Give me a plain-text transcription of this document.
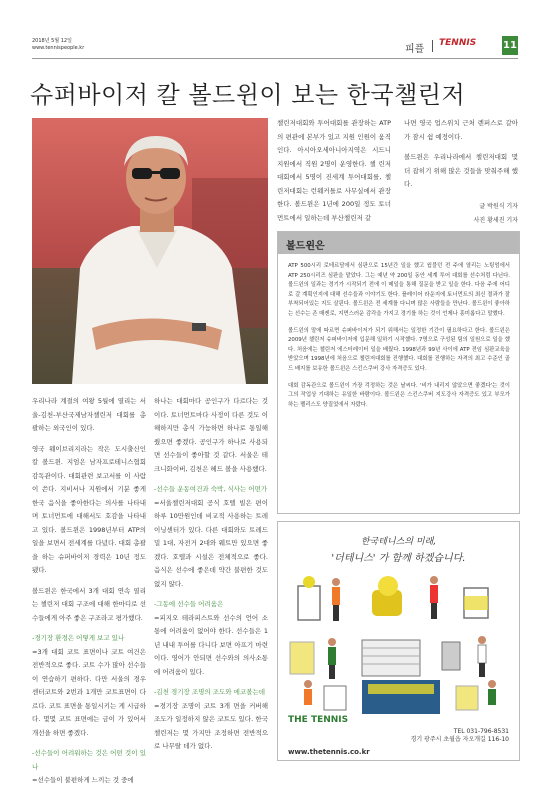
2018년 5월 12일
www.tennispeople.kr	피플
TENNIS	11
슈퍼바이저 칼 볼드윈이 보는 한국챌린저

우리나라 계절의 여왕 5월에 열리는 서울-김천-부산국제남자챌린저 대회를 총괄하는 외국인이 있다.

영국 웨이브리지라는 작은 도시출신인 칼 볼드윈. 지엄은 남자프로테니스협회 감독관이다. 대회관련 보고서를 이 사람이 쓴다. 지비서나 지원에서 기분 좋게 한국 음식을 좋아한다는 의사를 나타내며 토너먼트에 대해서도 호감을 나타내고 있다. 볼드윈은 1998년부터 ATP의 일을 보면서 전세계를 다녔다. 대회 총괄을 하는 슈퍼바이저 경력은 10년 정도 됐다.

볼드윈은 한국에서 3개 대회 연속 열리는 챌린저 대회 구조에 대해 한마디로 선수들에게 아주 좋은 구조라고 평가했다.

-경기장 환경은 어떻게 보고 있나

=3개 대회 코트 표면이나 코트 여건은 전반적으로 좋다. 코트 수가 많아 선수들이 연습하기 편하다. 다만 서울의 경우 센터코트와 2번과 1개만 코트표면이 다르다. 코트 표면을 통일시키는 게 시급하다. 몇몇 코트 표면에는 금이 가 있어서 개선을 하면 좋겠다.

-선수들이 어려워하는 것은 어떤 것이 있나

=선수들이 불편하게 느끼는 것 중에

하나는 대회마다 공인구가 다르다는 것이다. 토너먼트마다 사정이 다른 것도 이해하지만 총식 가능하면 하나로 통일해줬으면 좋겠다. 공인구가 하나로 사용되면 선수들이 좋아할 것 같다. 서울은 테크니화이버, 김천은 헤드 볼을 사용했다.

-선수들 운동여건과 숙박, 식사는 어떤가

=서울챌린저대회 공식 호텔 빌은 편이 하루 10만원인데 비교적 사용하는 트레이닝센터가 있다. 다른 대회와도 트레드 밀 1대, 자전거 2대와 웨트만 있으면 좋겠다. 호텔과 시설은 전체적으로 좋다. 음식은 선수에 좋은데 약간 불편한 것도 없지 않다.

-그동에 선수들 어려움은

=피지오 테라피스트와 선수의 언어 소통에 어려움이 없어야 한다. 선수들은 1년 내내 투어를 다니다 보면 아프기 마련이다. 영어가 안되면 선수와의 의사소통에 어려움이 있다.

-김천 경기장 조명의 조도와 에코볼는데

=경기장 조명이 코트 3개 면을 커버해 조도가 일정하지 않은 코트도 있다. 한국챌린저는 몇 가지만 조정하면 전반적으로 나무랄 데가 없다.

챌린저대회와 투어대회를 관장하는 ATP의 편관에 본부가 있고 지원 인원이 움직인다. 아시아오세아니아지역은 시드니 지원에서 직원 2명이 운영한다. 챌 린저대회에서 5명이 진세계 투어대회를, 챌린저대회는 런웨커틀로 사무실에서 관장한다. 볼드윈은 1년에 200일 정도 토너먼트에서 일하는데 부산챌린저 같

나면 영국 업스위치 근처 렌퍼스로 갈아가 잠시 쉼 예정이다.

볼드윈은 우리나라에서 챌린저대회 몇 더 잡히기 위해 많은 것들을 맞춰주해 했다.

글 박원식 기자
사진 황세진 기자
볼드윈은

ATP 500시리 로테르담에서 심판으로 15년간 일을 했고 윔블던 전 주에 열리는 노팅엄에서 ATP 250시리즈 심판을 맡았다. 그는 예년 약 200일 동안 세계 투어 대회를 선수처럼 다닌다. 볼드윈의 일과는 경기가 시작되기 전에 이 메일을 통해 질문을 받고 일을 한다. 다음 주에 어디로 갈 계획인지에 대해 선수들과 이야기도 한다. 플레이어 라운지에 토너먼트의 최신 결과가 잘 부착되어있는 지도 살핀다. 볼드윈은 전 세계를 다니며 많은 사람들을 만난다. 볼드윈이 좋아하는 선수는 존 매켄로, 지면스러운 감각을 가지고 경기를 하는 것이 언제나 흥미롭다고 말했다.

볼드윈의 말에 따르면 슈퍼바이저가 되기 위해서는 일정한 기간이 필요하다고 한다. 볼드윈은 2009년 챌린저 슈퍼바이저에 입문해 일하기 시작했다. 7명으로 구성된 팀의 일원으로 일을 했다. 처음에는 챌린저 에스터레이터 일을 배웠다. 1998년과 99년 사이에 ATP 전임 심판교육을 받았으며 1998년에 처음으로 챌린저대회를 진행했다. 대회를 진행하는 자격의 최고 수준인 골드 배지를 보유한 볼드윈은 스킨스쿠버 강사 자격증도 있다.

대회 감독관으로 볼드윈이 가장 걱정하는 것은 날씨다. '비가 내리지 않았으면 좋겠다'는 것이 그의 작업상 기대하는 유일한 바람이다. 볼드윈은 스킨스쿠버 지도강사 자격증도 있고 부모가 하는 펠리스도 양질었에서 자랐다.

한국테니스의 미래,
'더테니스' 가 함께 하겠습니다.
THE TENNIS
www.thetennis.co.kr
TEL 031-796-8531
경기 광주시 초월읍 자오개길 116-10
